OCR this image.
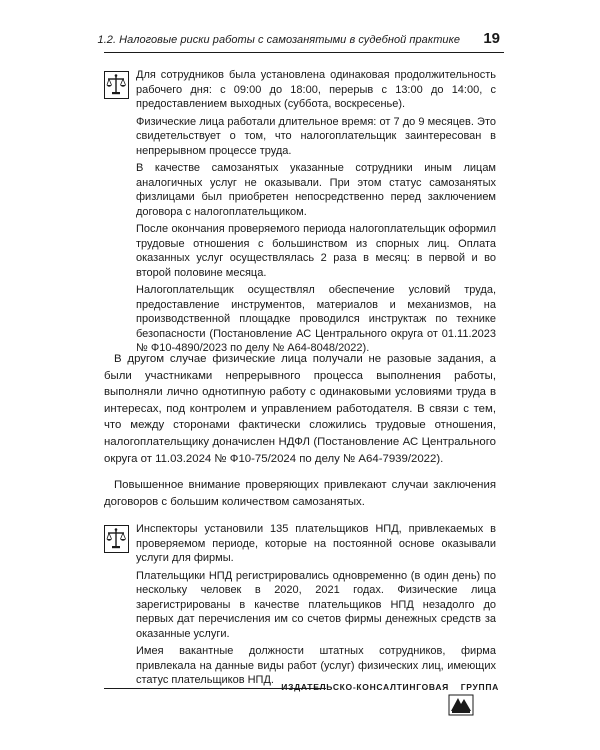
1.2. Налоговые риски работы с самозанятыми в судебной практике 19

Для сотрудников была установлена одинаковая продолжительность рабочего дня: с 09:00 до 18:00, перерыв с 13:00 до 14:00, с предоставлением выходных (суббота, воскресенье).

Физические лица работали длительное время: от 7 до 9 месяцев. Это свидетельствует о том, что налогоплательщик заинтересован в непрерывном процессе труда.

В качестве самозанятых указанные сотрудники иным лицам аналогичных услуг не оказывали. При этом статус самозанятых физлицами был приобретен непосредственно перед заключением договора с налогоплательщиком.

После окончания проверяемого периода налогоплательщик оформил трудовые отношения с большинством из спорных лиц. Оплата оказанных услуг осуществлялась 2 раза в месяц: в первой и во второй половине месяца.

Налогоплательщик осуществлял обеспечение условий труда, предоставление инструментов, материалов и механизмов, на производственной площадке проводился инструктаж по технике безопасности (Постановление АС Центрального округа от 01.11.2023 № Ф10-4890/2023 по делу № А64-8048/2022).

В другом случае физические лица получали не разовые задания, а были участниками непрерывного процесса выполнения работы, выполняли лично однотипную работу с одинаковыми условиями труда в интересах, под контролем и управлением работодателя. В связи с тем, что между сторонами фактически сложились трудовые отношения, налогоплательщику доначислен НДФЛ (Постановление АС Центрального округа от 11.03.2024 № Ф10-75/2024 по делу № А64-7939/2022).

Повышенное внимание проверяющих привлекают случаи заключения договоров с большим количеством самозанятых.

Инспекторы установили 135 плательщиков НПД, привлекаемых в проверяемом периоде, которые на постоянной основе оказывали услуги для фирмы.

Плательщики НПД регистрировались одновременно (в один день) по нескольку человек в 2020, 2021 годах. Физические лица зарегистрированы в качестве плательщиков НПД незадолго до первых дат перечисления им со счетов фирмы денежных средств за оказанные услуги.

Имея вакантные должности штатных сотрудников, фирма привлекала на данные виды работ (услуг) физических лиц, имеющих статус плательщиков НПД.

ИЗДАТЕЛЬСКО-КОНСАЛТИНГОВАЯ ГРУППА
